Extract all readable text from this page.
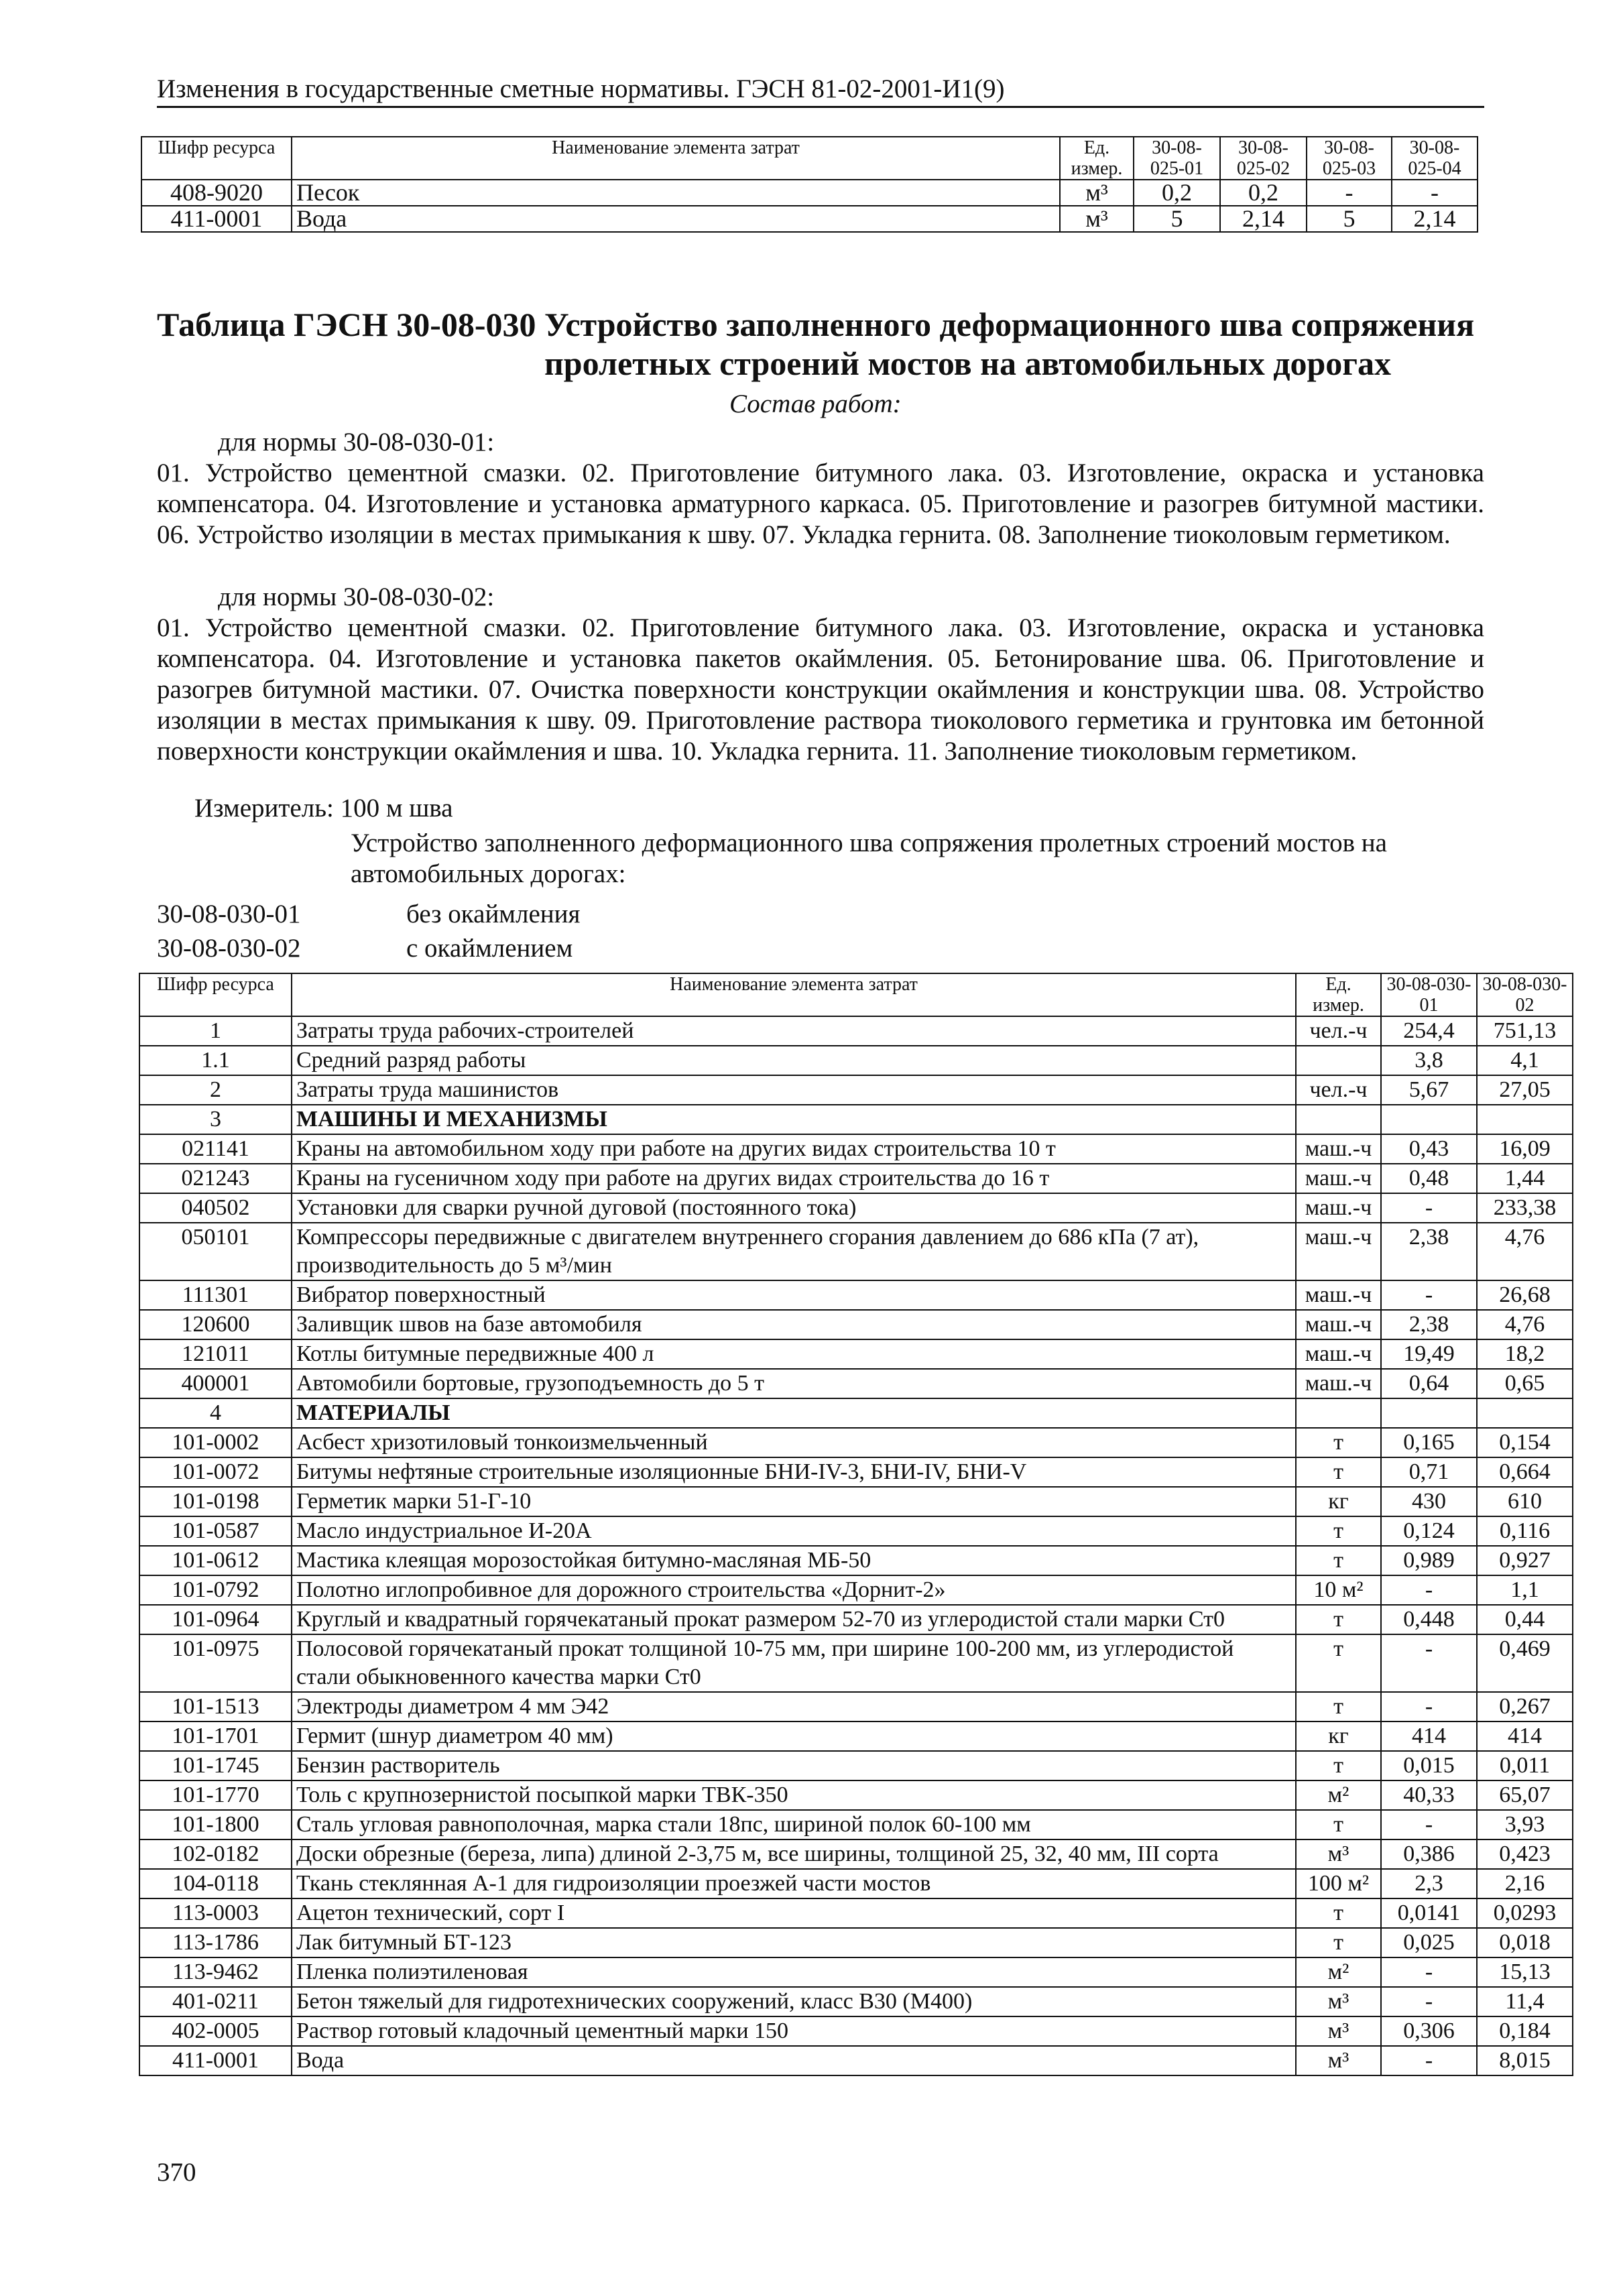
Изменения в государственные сметные нормативы. ГЭСН 81-02-2001-И1(9)
Шифр ресурса	Наименование элемента затрат	Ед. измер.	30-08-025-01	30-08-025-02	30-08-025-03	30-08-025-04
408-9020	Песок	м³	0,2	0,2	-	-
411-0001	Вода	м³	5	2,14	5	2,14
Таблица ГЭСН 30-08-030 Устройство заполненного деформационного шва сопряжения
пролетных строений мостов на автомобильных дорогах
Состав работ:
для нормы 30-08-030-01:
01. Устройство цементной смазки. 02. Приготовление битумного лака. 03. Изготовление, окраска и установка компенсатора. 04. Изготовление и установка арматурного каркаса. 05. Приготовление и разогрев битумной мастики. 06. Устройство изоляции в местах примыкания к шву. 07. Укладка гернита. 08. Заполнение тиоколовым герметиком.
для нормы 30-08-030-02:
01. Устройство цементной смазки. 02. Приготовление битумного лака. 03. Изготовление, окраска и установка компенсатора. 04. Изготовление и установка пакетов окаймления. 05. Бетонирование шва. 06. Приготовление и разогрев битумной мастики. 07. Очистка поверхности конструкции окаймления и конструкции шва. 08. Устройство изоляции в местах примыкания к шву. 09. Приготовление раствора тиоколового герметика и грунтовка им бетонной поверхности конструкции окаймления и шва. 10. Укладка гернита. 11. Заполнение тиоколовым герметиком.
Измеритель: 100 м шва
Устройство заполненного деформационного шва сопряжения пролетных строений мостов на автомобильных дорогах:
30-08-030-01	без окаймления
30-08-030-02	с окаймлением
Шифр ресурса	Наименование элемента затрат	Ед. измер.	30-08-030-01	30-08-030-02
1	Затраты труда рабочих-строителей	чел.-ч	254,4	751,13
1.1	Средний разряд работы		3,8	4,1
2	Затраты труда машинистов	чел.-ч	5,67	27,05
3	МАШИНЫ И МЕХАНИЗМЫ			
021141	Краны на автомобильном ходу при работе на других видах строительства 10 т	маш.-ч	0,43	16,09
021243	Краны на гусеничном ходу при работе на других видах строительства до 16 т	маш.-ч	0,48	1,44
040502	Установки для сварки ручной дуговой (постоянного тока)	маш.-ч	-	233,38
050101	Компрессоры передвижные с двигателем внутреннего сгорания давлением до 686 кПа (7 ат), производительность до 5 м³/мин	маш.-ч	2,38	4,76
111301	Вибратор поверхностный	маш.-ч	-	26,68
120600	Заливщик швов на базе автомобиля	маш.-ч	2,38	4,76
121011	Котлы битумные передвижные 400 л	маш.-ч	19,49	18,2
400001	Автомобили бортовые, грузоподъемность до 5 т	маш.-ч	0,64	0,65
4	МАТЕРИАЛЫ			
101-0002	Асбест хризотиловый тонкоизмельченный	т	0,165	0,154
101-0072	Битумы нефтяные строительные изоляционные БНИ-IV-3, БНИ-IV, БНИ-V	т	0,71	0,664
101-0198	Герметик марки 51-Г-10	кг	430	610
101-0587	Масло индустриальное И-20А	т	0,124	0,116
101-0612	Мастика клеящая морозостойкая битумно-масляная МБ-50	т	0,989	0,927
101-0792	Полотно иглопробивное для дорожного строительства «Дорнит-2»	10 м²	-	1,1
101-0964	Круглый и квадратный горячекатаный прокат размером 52-70 из углеродистой стали марки Ст0	т	0,448	0,44
101-0975	Полосовой горячекатаный прокат толщиной 10-75 мм, при ширине 100-200 мм, из углеродистой стали обыкновенного качества марки Ст0	т	-	0,469
101-1513	Электроды диаметром 4 мм Э42	т	-	0,267
101-1701	Гермит (шнур диаметром 40 мм)	кг	414	414
101-1745	Бензин растворитель	т	0,015	0,011
101-1770	Толь с крупнозернистой посыпкой марки ТВК-350	м²	40,33	65,07
101-1800	Сталь угловая равнополочная, марка стали 18пс, шириной полок 60-100 мм	т	-	3,93
102-0182	Доски обрезные (береза, липа) длиной 2-3,75 м, все ширины, толщиной 25, 32, 40 мм, III сорта	м³	0,386	0,423
104-0118	Ткань стеклянная А-1 для гидроизоляции проезжей части мостов	100 м²	2,3	2,16
113-0003	Ацетон технический, сорт I	т	0,0141	0,0293
113-1786	Лак битумный БТ-123	т	0,025	0,018
113-9462	Пленка полиэтиленовая	м²	-	15,13
401-0211	Бетон тяжелый для гидротехнических сооружений, класс В30 (М400)	м³	-	11,4
402-0005	Раствор готовый кладочный цементный марки 150	м³	0,306	0,184
411-0001	Вода	м³	-	8,015
370
